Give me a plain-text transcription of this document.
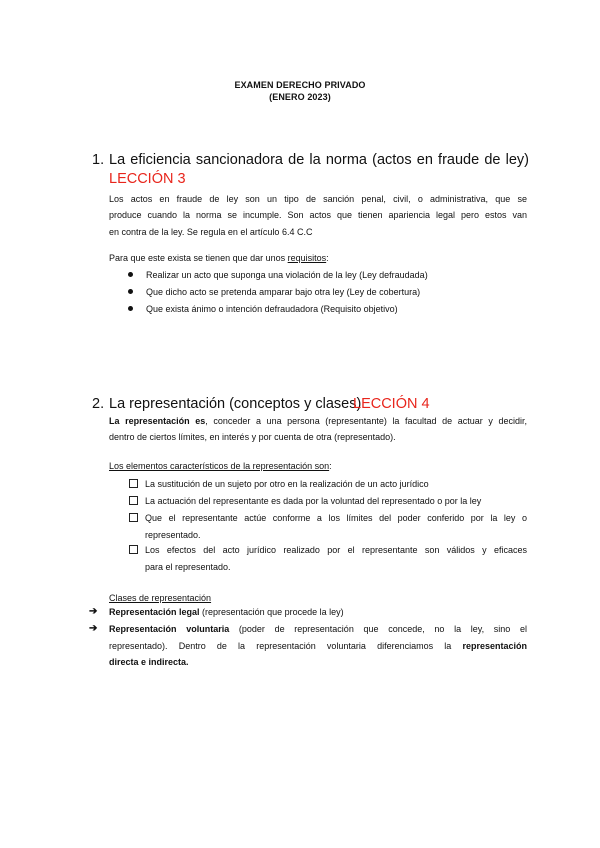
EXAMEN DERECHO PRIVADO
(ENERO 2023)
1. La eficiencia sancionadora de la norma (actos en fraude de ley)
LECCIÓN 3
Los actos en fraude de ley son un tipo de sanción penal, civil, o administrativa, que se
produce cuando la norma se incumple. Son actos que tienen apariencia legal pero estos van
en contra de la ley. Se regula en el artículo 6.4 C.C
Para que este exista se tienen que dar unos requisitos:
Realizar un acto que suponga una violación de la ley (Ley defraudada)
Que dicho acto se pretenda amparar bajo otra ley (Ley de cobertura)
Que exista ánimo o intención defraudadora (Requisito objetivo)
2. La representación (conceptos y clases)
LECCIÓN 4
La representación es, conceder a una persona (representante) la facultad de actuar y decidir,
dentro de ciertos límites, en interés y por cuenta de otra (representado).
Los elementos característicos de la representación son:
La sustitución de un sujeto por otro en la realización de un acto jurídico
La actuación del representante es dada por la voluntad del representado o por la ley
Que el representante actúe conforme a los límites del poder conferido por la ley o
representado.
Los efectos del acto jurídico realizado por el representante son válidos y eficaces
para el representado.
Clases de representación
➔ Representación legal (representación que procede la ley)
➔ Representación voluntaria (poder de representación que concede, no la ley, sino el
representado). Dentro de la representación voluntaria diferenciamos la representación
directa e indirecta.
